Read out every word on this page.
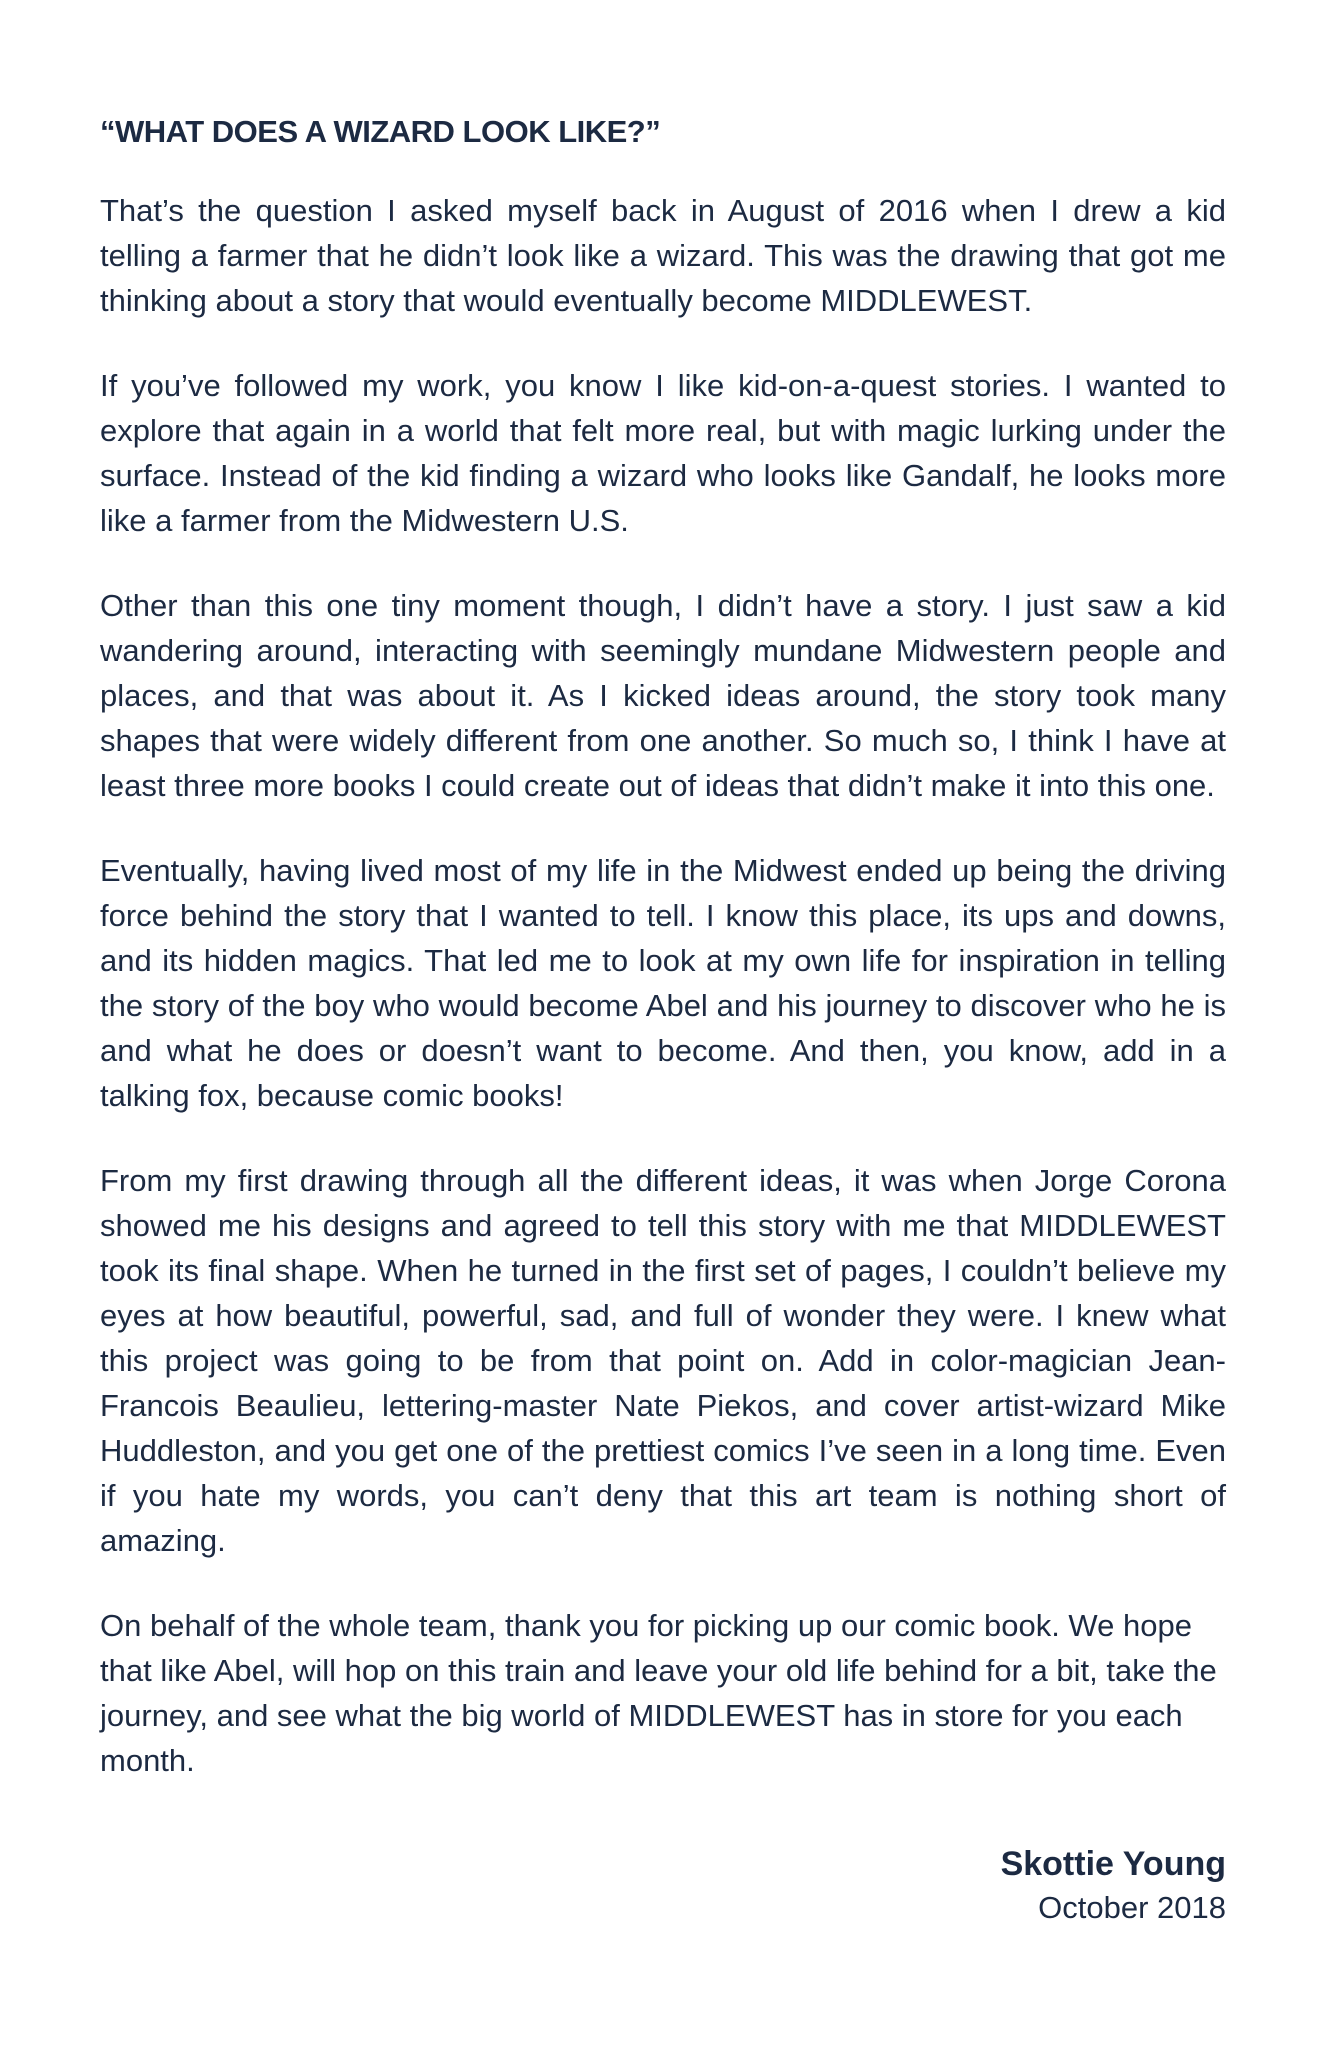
“WHAT DOES A WIZARD LOOK LIKE?”

That’s the question I asked myself back in August of 2016 when I drew a kid telling a farmer that he didn’t look like a wizard. This was the drawing that got me thinking about a story that would eventually become MIDDLEWEST.

If you’ve followed my work, you know I like kid-on-a-quest stories. I wanted to explore that again in a world that felt more real, but with magic lurking under the surface. Instead of the kid finding a wizard who looks like Gandalf, he looks more like a farmer from the Midwestern U.S.

Other than this one tiny moment though, I didn’t have a story. I just saw a kid wandering around, interacting with seemingly mundane Midwestern people and places, and that was about it. As I kicked ideas around, the story took many shapes that were widely different from one another. So much so, I think I have at least three more books I could create out of ideas that didn’t make it into this one.

Eventually, having lived most of my life in the Midwest ended up being the driving force behind the story that I wanted to tell. I know this place, its ups and downs, and its hidden magics. That led me to look at my own life for inspiration in telling the story of the boy who would become Abel and his journey to discover who he is and what he does or doesn’t want to become. And then, you know, add in a talking fox, because comic books!

From my first drawing through all the different ideas, it was when Jorge Corona showed me his designs and agreed to tell this story with me that MIDDLEWEST took its final shape. When he turned in the first set of pages, I couldn’t believe my eyes at how beautiful, powerful, sad, and full of wonder they were. I knew what this project was going to be from that point on. Add in color-magician Jean-Francois Beaulieu, lettering-master Nate Piekos, and cover artist-wizard Mike Huddleston, and you get one of the prettiest comics I’ve seen in a long time. Even if you hate my words, you can’t deny that this art team is nothing short of amazing.

On behalf of the whole team, thank you for picking up our comic book. We hope that like Abel, will hop on this train and leave your old life behind for a bit, take the journey, and see what the big world of MIDDLEWEST has in store for you each month.

Skottie Young
October 2018
